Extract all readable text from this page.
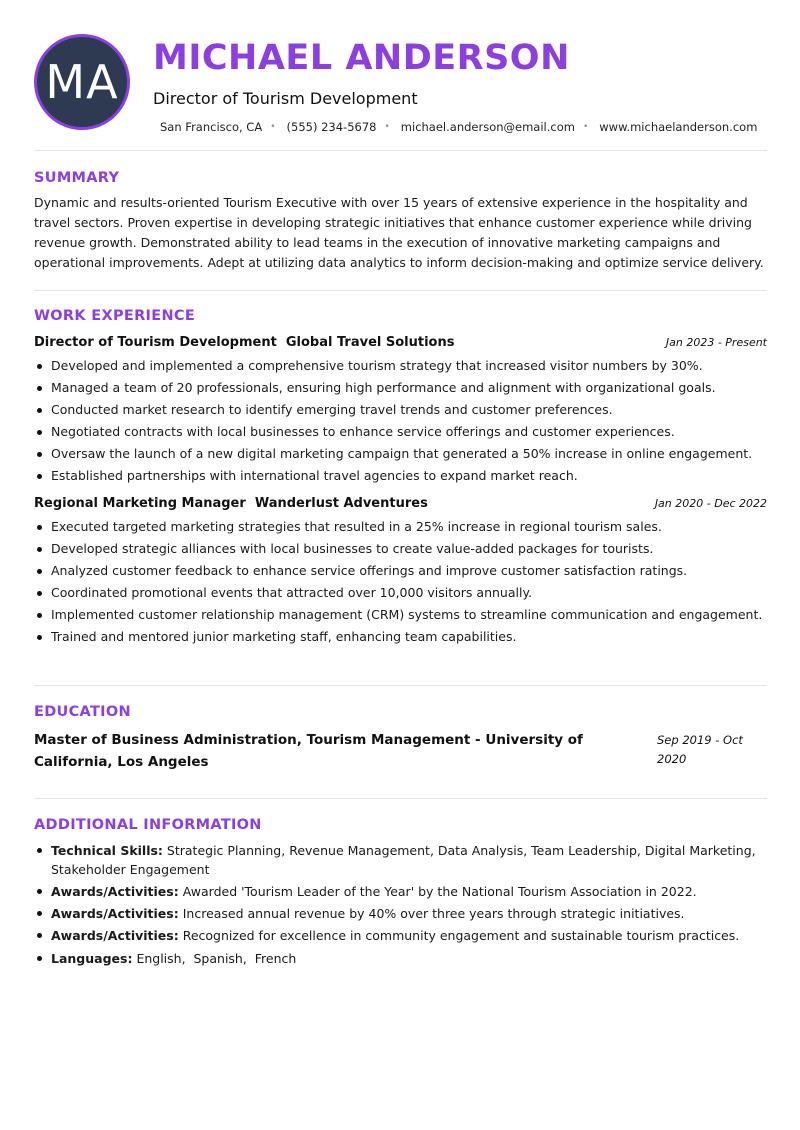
MA MICHAEL ANDERSON
Director of Tourism Development
San Francisco, CA • (555) 234-5678 • michael.anderson@email.com • www.michaelanderson.com
SUMMARY

Dynamic and results-oriented Tourism Executive with over 15 years of extensive experience in the hospitality and travel sectors. Proven expertise in developing strategic initiatives that enhance customer experience while driving revenue growth. Demonstrated ability to lead teams in the execution of innovative marketing campaigns and operational improvements. Adept at utilizing data analytics to inform decision-making and optimize service delivery.

WORK EXPERIENCE
Director of Tourism Development  Global Travel Solutions	Jan 2023 - Present
Developed and implemented a comprehensive tourism strategy that increased visitor numbers by 30%.
Managed a team of 20 professionals, ensuring high performance and alignment with organizational goals.
Conducted market research to identify emerging travel trends and customer preferences.
Negotiated contracts with local businesses to enhance service offerings and customer experiences.
Oversaw the launch of a new digital marketing campaign that generated a 50% increase in online engagement.
Established partnerships with international travel agencies to expand market reach.
Regional Marketing Manager  Wanderlust Adventures	Jan 2020 - Dec 2022
Executed targeted marketing strategies that resulted in a 25% increase in regional tourism sales.
Developed strategic alliances with local businesses to create value-added packages for tourists.
Analyzed customer feedback to enhance service offerings and improve customer satisfaction ratings.
Coordinated promotional events that attracted over 10,000 visitors annually.
Implemented customer relationship management (CRM) systems to streamline communication and engagement.
Trained and mentored junior marketing staff, enhancing team capabilities.
EDUCATION
Master of Business Administration, Tourism Management - University of California, Los Angeles
Sep 2019 - Oct 2020
ADDITIONAL INFORMATION
Technical Skills: Strategic Planning, Revenue Management, Data Analysis, Team Leadership, Digital Marketing, Stakeholder Engagement
Awards/Activities: Awarded 'Tourism Leader of the Year' by the National Tourism Association in 2022.
Awards/Activities: Increased annual revenue by 40% over three years through strategic initiatives.
Awards/Activities: Recognized for excellence in community engagement and sustainable tourism practices.
Languages: English,  Spanish,  French
